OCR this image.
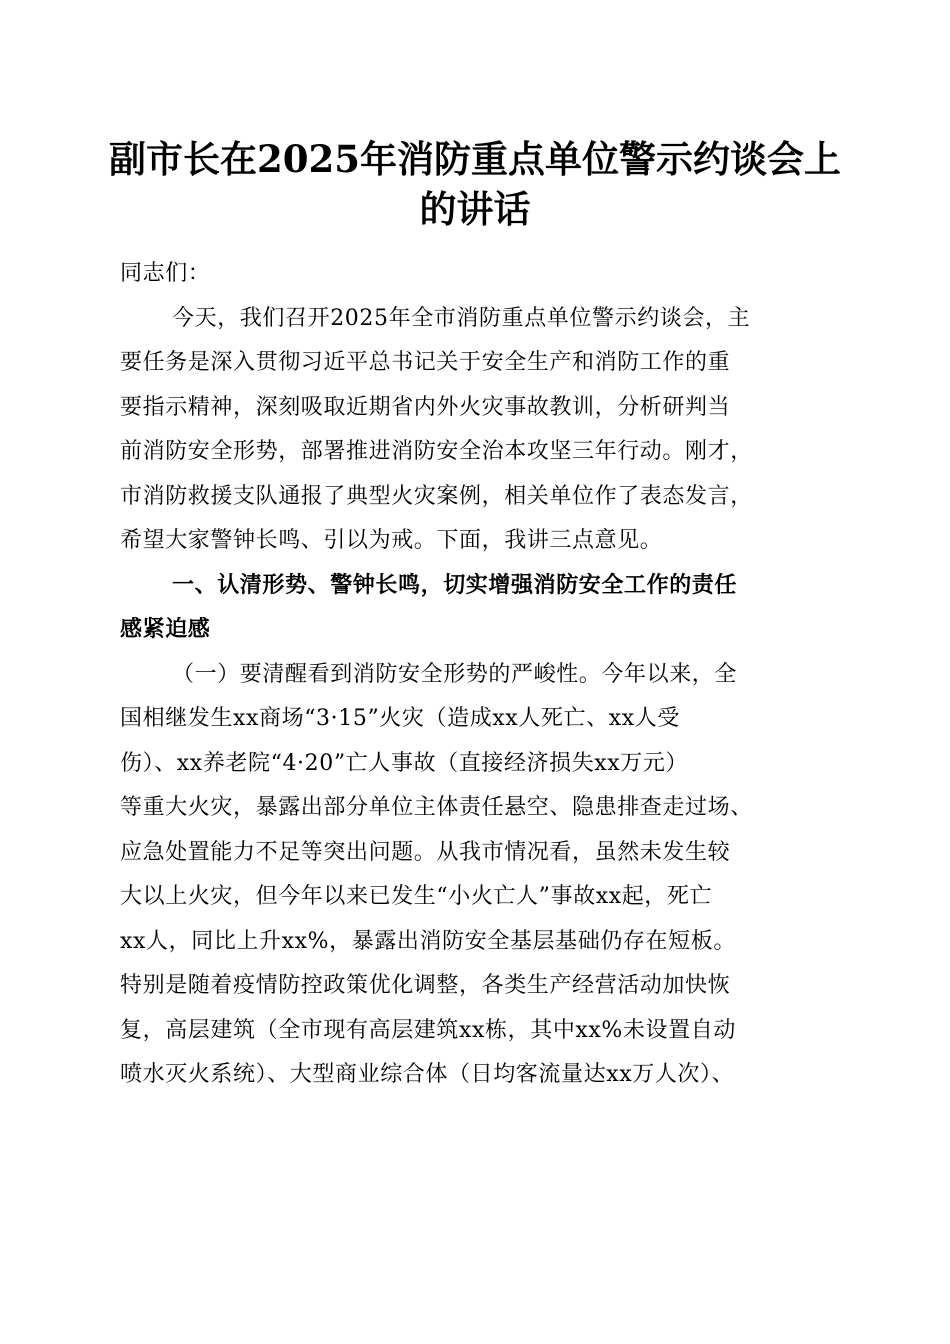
副市长在2025年消防重点单位警示约谈会上
的讲话
同志们：
今天，我们召开2025年全市消防重点单位警示约谈会，主
要任务是深入贯彻习近平总书记关于安全生产和消防工作的重
要指示精神，深刻吸取近期省内外火灾事故教训，分析研判当
前消防安全形势，部署推进消防安全治本攻坚三年行动。刚才，
市消防救援支队通报了典型火灾案例，相关单位作了表态发言，
希望大家警钟长鸣、引以为戒。下面，我讲三点意见。
一、认清形势、警钟长鸣，切实增强消防安全工作的责任
感紧迫感
（一）要清醒看到消防安全形势的严峻性。今年以来，全
国相继发生xx商场“3·15”火灾（造成xx人死亡、xx人受
伤）、xx养老院“4·20”亡人事故（直接经济损失xx万元）
等重大火灾，暴露出部分单位主体责任悬空、隐患排查走过场、
应急处置能力不足等突出问题。从我市情况看，虽然未发生较
大以上火灾，但今年以来已发生“小火亡人”事故xx起，死亡
xx人，同比上升xx%，暴露出消防安全基层基础仍存在短板。
特别是随着疫情防控政策优化调整，各类生产经营活动加快恢
复，高层建筑（全市现有高层建筑xx栋，其中xx%未设置自动
喷水灭火系统）、大型商业综合体（日均客流量达xx万人次）、
